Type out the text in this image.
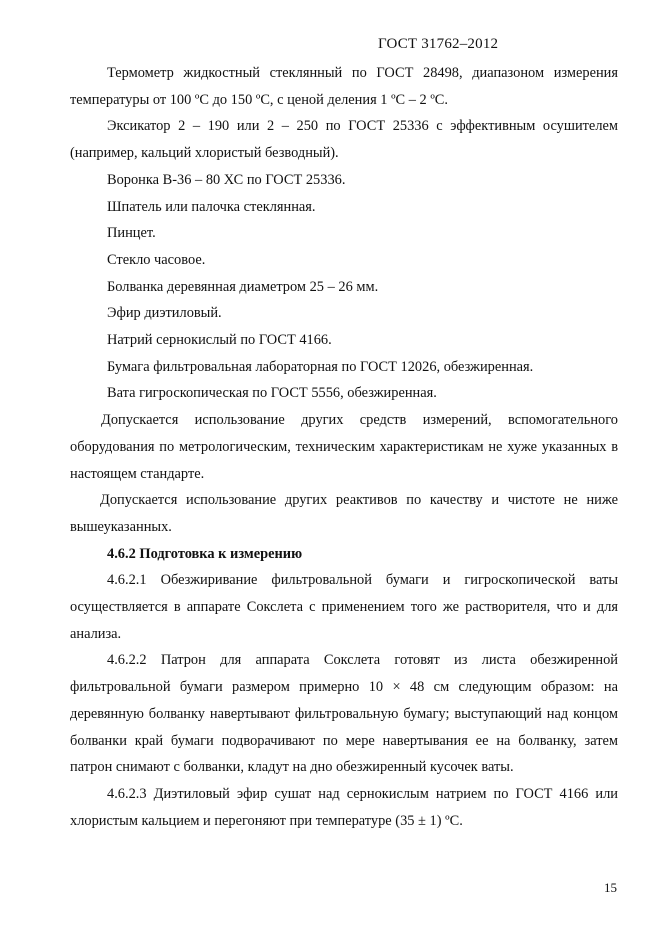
ГОСТ 31762–2012

Термометр жидкостный стеклянный по ГОСТ 28498, диапазоном измерения температуры от 100 ºС до 150 ºС, с ценой деления 1 ºС – 2 ºС.

Эксикатор 2 – 190 или 2 – 250 по ГОСТ 25336 с эффективным осушителем (например, кальций хлористый безводный).

Воронка В-36 – 80 ХС по ГОСТ 25336.

Шпатель или палочка стеклянная.

Пинцет.

Стекло часовое.

Болванка деревянная диаметром 25 – 26 мм.

Эфир диэтиловый.

Натрий сернокислый по ГОСТ 4166.

Бумага фильтровальная лабораторная по ГОСТ 12026, обезжиренная.

Вата гигроскопическая по ГОСТ 5556, обезжиренная.

Допускается использование других средств измерений, вспомогательного оборудования по метрологическим, техническим характеристикам не хуже указанных в настоящем стандарте.

Допускается использование других реактивов по качеству и чистоте не ниже вышеуказанных.

4.6.2 Подготовка к измерению

4.6.2.1 Обезжиривание фильтровальной бумаги и гигроскопической ваты осуществляется в аппарате Сокслета с применением того же растворителя, что и для анализа.

4.6.2.2 Патрон для аппарата Сокслета готовят из листа обезжиренной фильтровальной бумаги размером примерно 10 × 48 см следующим образом: на деревянную болванку навертывают фильтровальную бумагу; выступающий над концом болванки край бумаги подворачивают по мере навертывания ее на болванку, затем патрон снимают с болванки, кладут на дно обезжиренный кусочек ваты.

4.6.2.3 Диэтиловый эфир сушат над сернокислым натрием по ГОСТ 4166 или хлористым кальцием и перегоняют при температуре (35 ± 1) ºС.

15
